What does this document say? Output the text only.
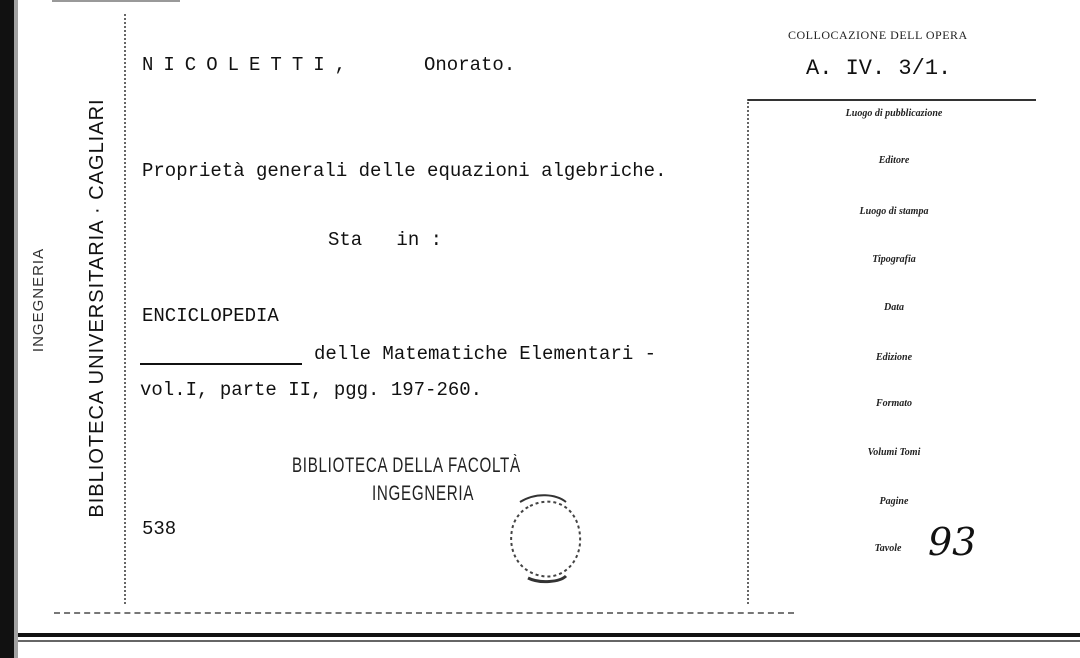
BIBLIOTECA UNIVERSITARIA · CAGLIARI
INGEGNERIA
NICOLETTI,	Onorato.
Proprietà generali delle equazioni algebriche.
Sta   in :
ENCICLOPEDIA
delle Matematiche Elementari -
vol.I, parte II, pgg. 197-260.
538
BIBLIOTECA DELLA FACOLTÀ
INGEGNERIA
COLLOCAZIONE DELL OPERA
A. IV. 3/1.
Luogo di pubblicazione
Editore
Luogo di stampa
Tipografia
Data
Edizione
Formato
Volumi Tomi
Pagine
Tavole 93
